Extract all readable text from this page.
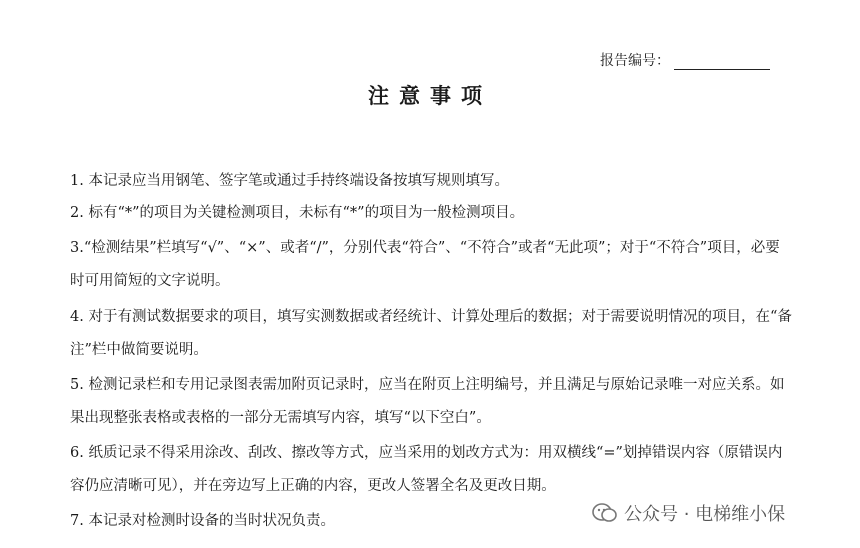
报告编号：
注意事项

1. 本记录应当用钢笔、签字笔或通过手持终端设备按填写规则填写。

2. 标有“*”的项目为关键检测项目，未标有“*”的项目为一般检测项目。

3.“检测结果”栏填写“√”、“×”、或者“/”，分别代表“符合”、“不符合”或者“无此项”；对于“不符合”项目，必要时可用简短的文字说明。

4. 对于有测试数据要求的项目，填写实测数据或者经统计、计算处理后的数据；对于需要说明情况的项目，在“备注”栏中做简要说明。

5. 检测记录栏和专用记录图表需加附页记录时，应当在附页上注明编号，并且满足与原始记录唯一对应关系。如果出现整张表格或表格的一部分无需填写内容，填写“以下空白”。

6. 纸质记录不得采用涂改、刮改、擦改等方式，应当采用的划改方式为：用双横线“=”划掉错误内容（原错误内容仍应清晰可见），并在旁边写上正确的内容，更改人签署全名及更改日期。

7. 本记录对检测时设备的当时状况负责。	公众号 · 电梯维小保
